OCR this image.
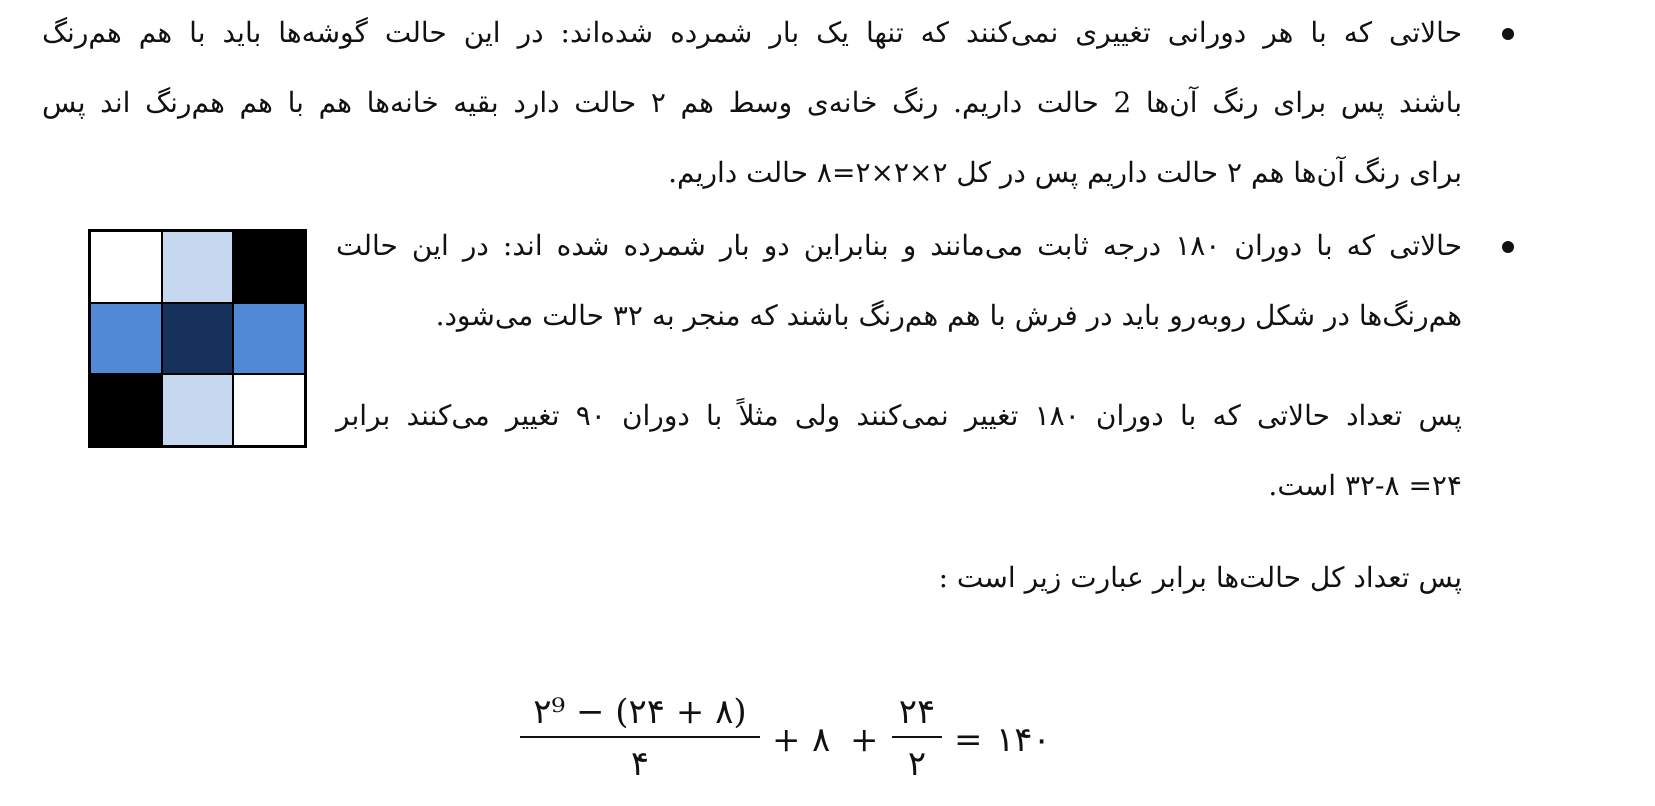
حالاتی که با هر دورانی تغییری نمی‌کنند که تنها یک بار شمرده شده‌اند: در این حالت گوشه‌ها باید با هم هم‌رنگ
باشند پس برای رنگ آن‌ها 2 حالت داریم. رنگ خانه‌ی وسط هم ۲ حالت دارد بقیه خانه‌ها هم با هم هم‌رنگ اند پس
برای رنگ آن‌ها هم ۲ حالت داریم پس در کل ۲×۲×۲=۸ حالت داریم.
حالاتی که با دوران ۱۸۰ درجه ثابت می‌مانند و بنابراین دو بار شمرده شده اند: در این حالت
هم‌رنگ‌ها در شکل روبه‌رو باید در فرش با هم هم‌رنگ باشند که منجر به ۳۲ حالت می‌شود.
پس تعداد حالاتی که با دوران ۱۸۰ تغییر نمی‌کنند ولی مثلاً با دوران ۹۰ تغییر می‌کنند برابر
۲۴= ۳۲-۸ است.
پس تعداد کل حالت‌ها برابر عبارت زیر است :
۲⁹ − (۲۴ + ۸)
۴
+ ۸ +
۲۴
۲
= ۱۴۰
